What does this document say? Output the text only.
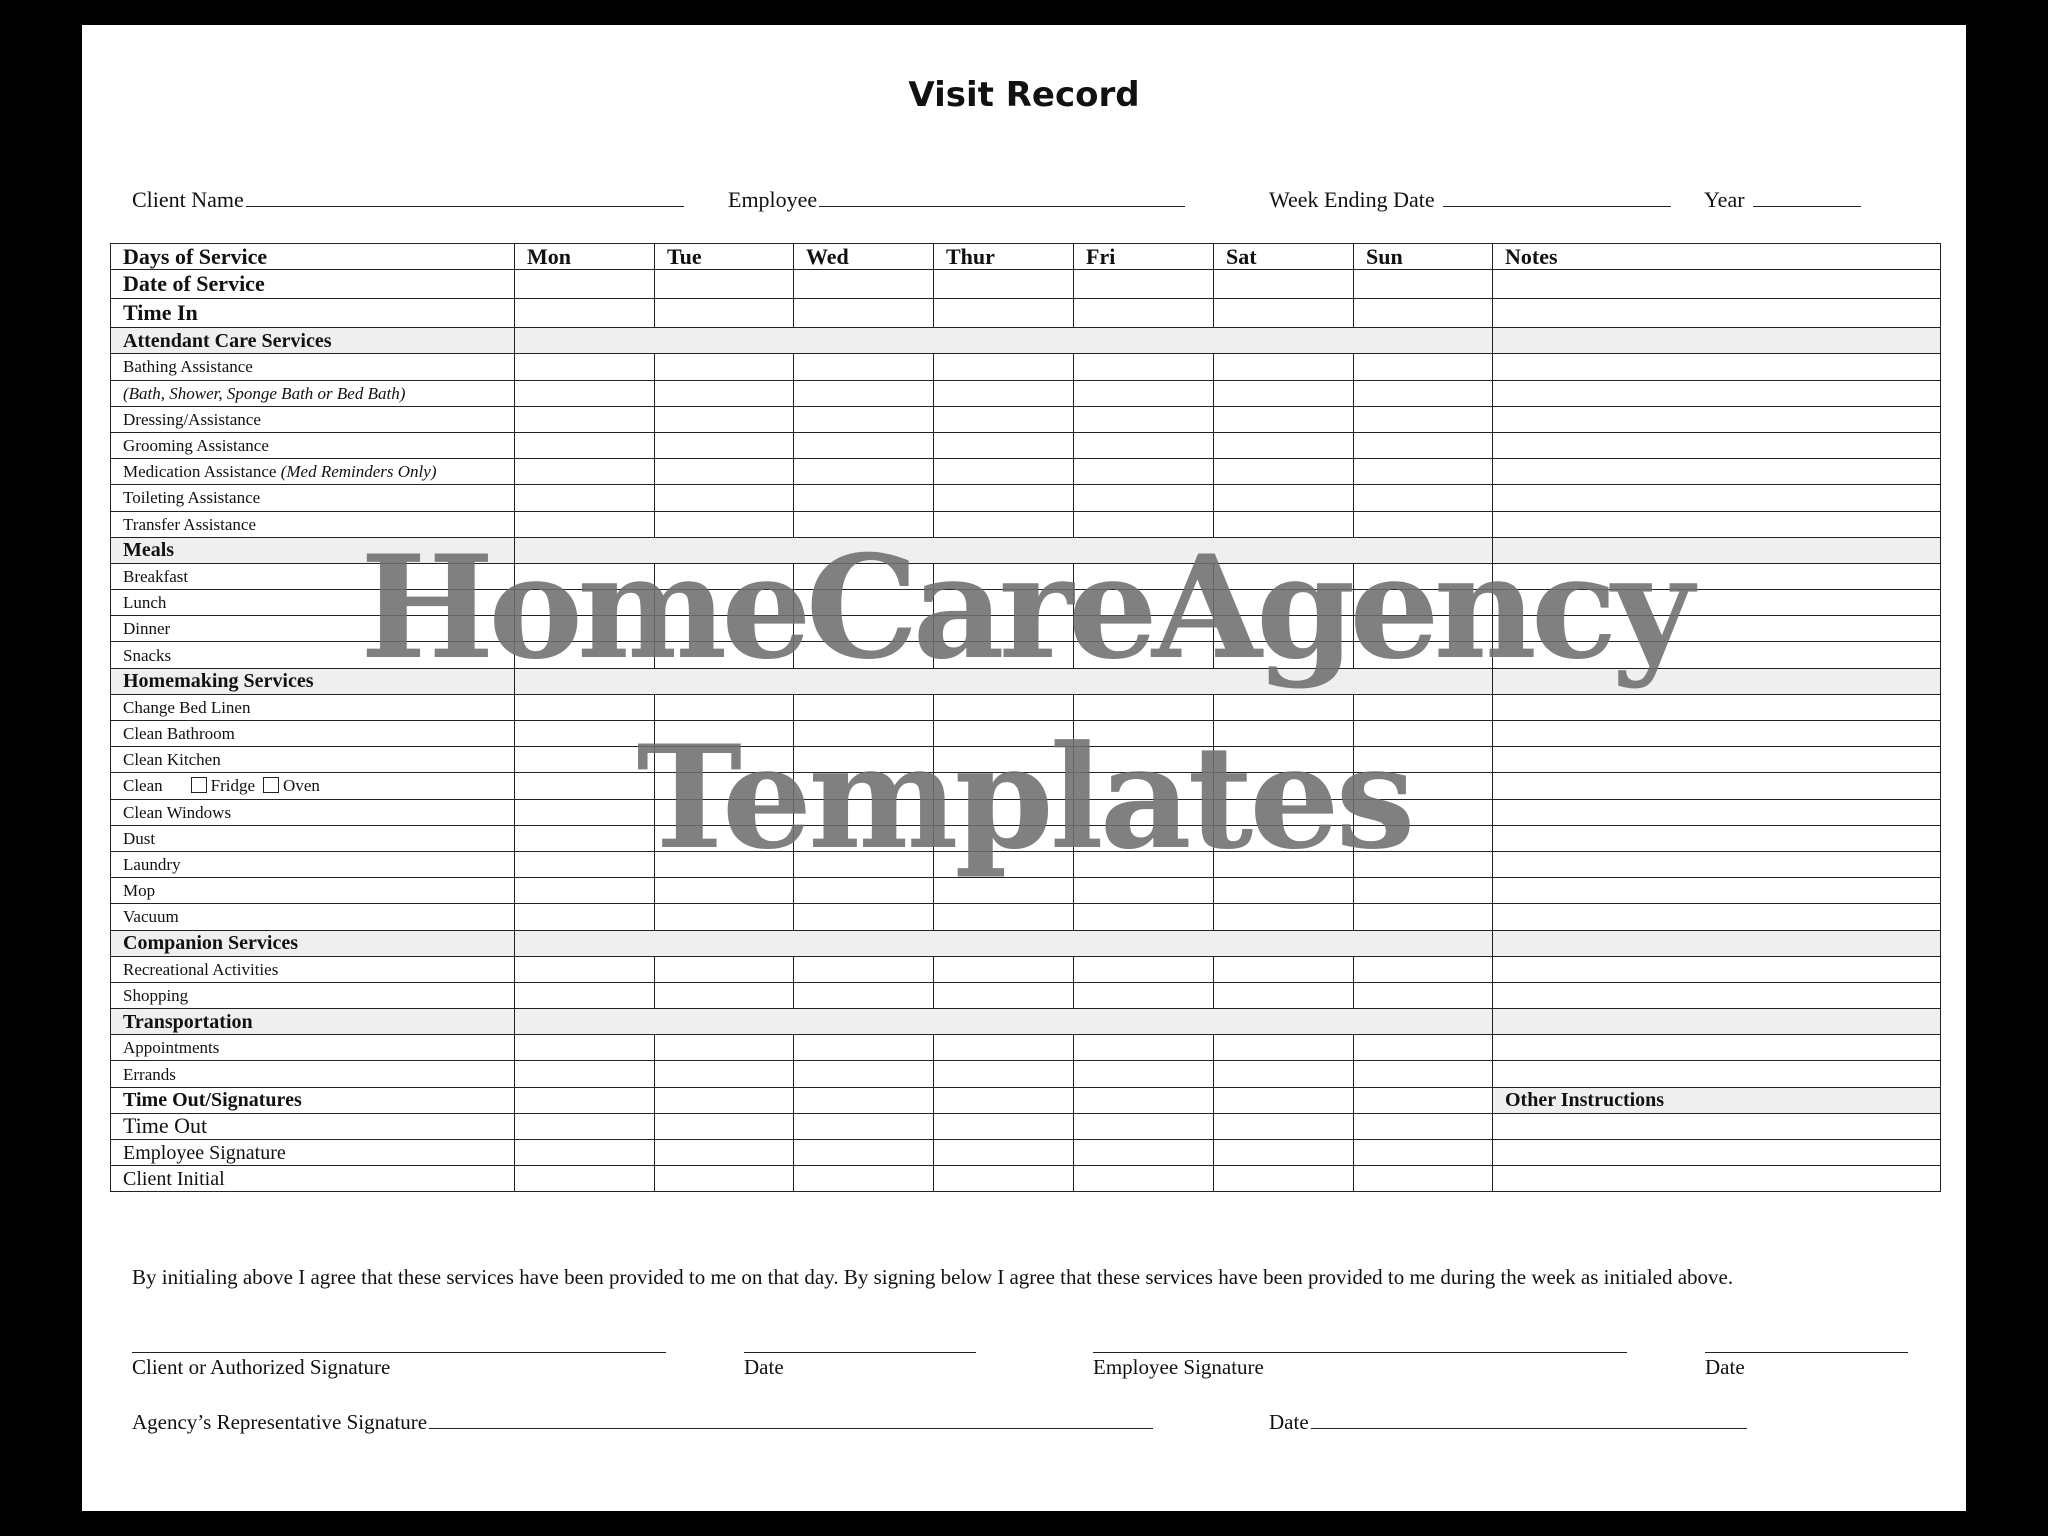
Visit Record
Client Name	Employee	Week Ending Date	Year
Days of Service	Mon	Tue	Wed	Thur	Fri	Sat	Sun	Notes
Date of Service								
Time In								
Attendant Care Services								
Bathing Assistance								
(Bath, Shower, Sponge Bath or Bed Bath)								
Dressing/Assistance								
Grooming Assistance								
Medication Assistance (Med Reminders Only)								
Toileting Assistance								
Transfer Assistance								
Meals								
Breakfast								
Lunch								
Dinner								
Snacks								
Homemaking Services								
Change Bed Linen								
Clean Bathroom								
Clean Kitchen								
Clean Fridge Oven								
Clean Windows								
Dust								
Laundry								
Mop								
Vacuum								
Companion Services								
Recreational Activities								
Shopping								
Transportation								
Appointments								
Errands								
Time Out/Signatures								Other Instructions
Time Out								
Employee Signature								
Client Initial								
By initialing above I agree that these services have been provided to me on that day. By signing below I agree that these services have been provided to me during the week as initialed above.
Client or Authorized Signature	Date	Employee Signature	Date
Agency’s Representative Signature	Date
HomeCareAgency
Templates
